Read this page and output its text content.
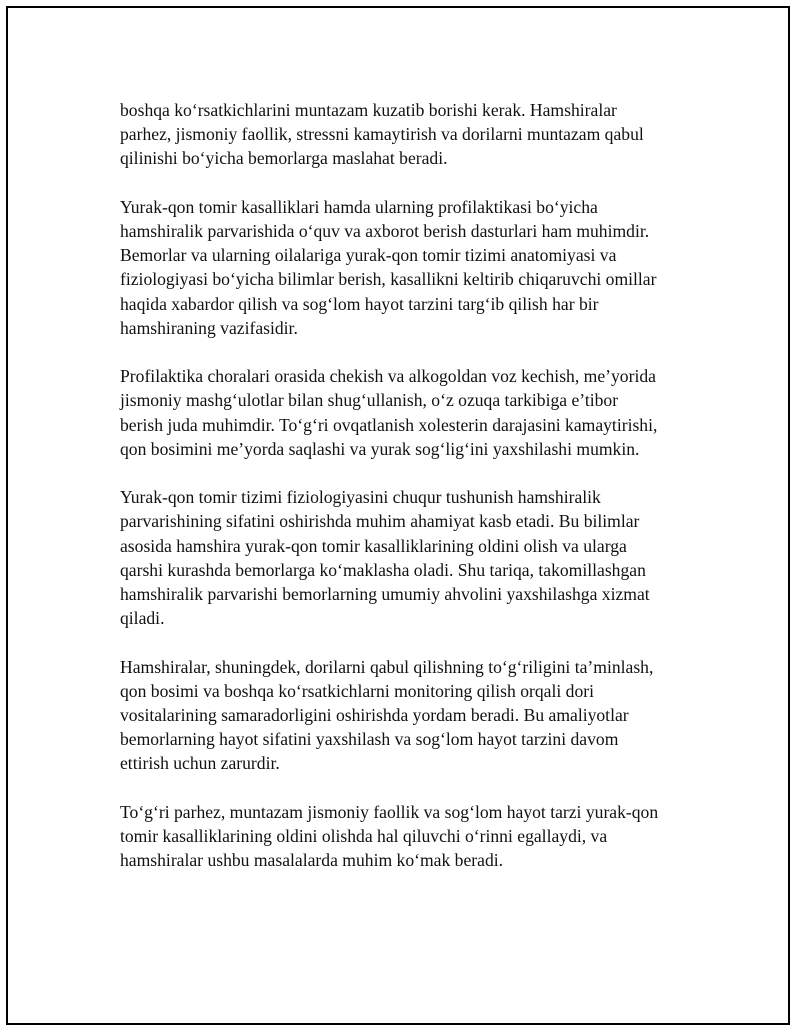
boshqa ko‘rsatkichlarini muntazam kuzatib borishi kerak. Hamshiralar
parhez, jismoniy faollik, stressni kamaytirish va dorilarni muntazam qabul
qilinishi bo‘yicha bemorlarga maslahat beradi.

Yurak-qon tomir kasalliklari hamda ularning profilaktikasi bo‘yicha
hamshiralik parvarishida o‘quv va axborot berish dasturlari ham muhimdir.
Bemorlar va ularning oilalariga yurak-qon tomir tizimi anatomiyasi va
fiziologiyasi bo‘yicha bilimlar berish, kasallikni keltirib chiqaruvchi omillar
haqida xabardor qilish va sog‘lom hayot tarzini targ‘ib qilish har bir
hamshiraning vazifasidir.

Profilaktika choralari orasida chekish va alkogoldan voz kechish, me’yorida
jismoniy mashg‘ulotlar bilan shug‘ullanish, o‘z ozuqa tarkibiga e’tibor
berish juda muhimdir. To‘g‘ri ovqatlanish xolesterin darajasini kamaytirishi,
qon bosimini me’yorda saqlashi va yurak sog‘lig‘ini yaxshilashi mumkin.

Yurak-qon tomir tizimi fiziologiyasini chuqur tushunish hamshiralik
parvarishining sifatini oshirishda muhim ahamiyat kasb etadi. Bu bilimlar
asosida hamshira yurak-qon tomir kasalliklarining oldini olish va ularga
qarshi kurashda bemorlarga ko‘maklasha oladi. Shu tariqa, takomillashgan
hamshiralik parvarishi bemorlarning umumiy ahvolini yaxshilashga xizmat
qiladi.

Hamshiralar, shuningdek, dorilarni qabul qilishning to‘g‘riligini ta’minlash,
qon bosimi va boshqa ko‘rsatkichlarni monitoring qilish orqali dori
vositalarining samaradorligini oshirishda yordam beradi. Bu amaliyotlar
bemorlarning hayot sifatini yaxshilash va sog‘lom hayot tarzini davom
ettirish uchun zarurdir.

To‘g‘ri parhez, muntazam jismoniy faollik va sog‘lom hayot tarzi yurak-qon
tomir kasalliklarining oldini olishda hal qiluvchi o‘rinni egallaydi, va
hamshiralar ushbu masalalarda muhim ko‘mak beradi.
